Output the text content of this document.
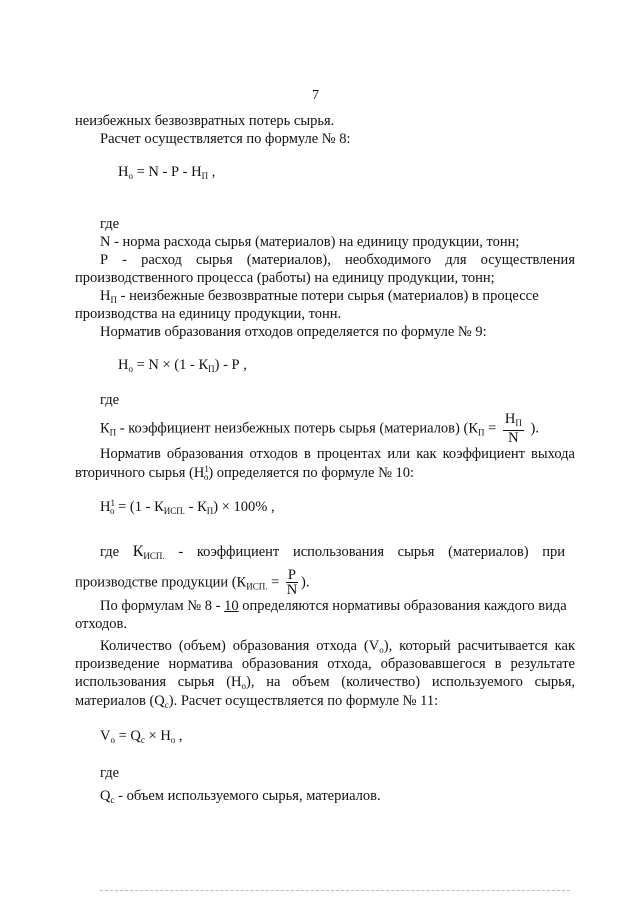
7
неизбежных безвозвратных потерь сырья.
Расчет осуществляется по формуле № 8:
$Н_о = N - Р - Н_П$ ,
где
N - норма расхода сырья (материалов) на единицу продукции, тонн;
Р - расход сырья (материалов), необходимого для осуществления
производственного процесса (работы) на единицу продукции, тонн;
$Н_П$ - неизбежные безвозвратные потери сырья (материалов) в процессе
производства на единицу продукции, тонн.
Норматив образования отходов определяется по формуле № 9:
$Н_о = N \times (1 - К_П) - Р$ ,
где
$К_П$ - коэффициент неизбежных потерь сырья (материалов) ($К_П = \frac{Н_П}{N}$ ).
Норматив образования отходов в процентах или как коэффициент выхода
вторичного сырья $(Н^1_о)$ определяется по формуле № 10:
$Н^1_о = (1 - К_{ИСП.} - К_П) \times 100\%$ ,
где $К_{ИСП.}$ - коэффициент использования сырья (материалов) при
производстве продукции ($К_{ИСП.} = \frac{Р}{N}$ ).
По формулам № 8 - 10 определяются нормативы образования каждого вида
отходов.
Количество (объем) образования отхода $(V_о)$, который расчитывается как
произведение норматива образования отхода, образовавшегося в результате
использования сырья $(Н_о)$, на объем (количество) используемого сырья,
материалов $(Q_с)$. Расчет осуществляется по формуле № 11:
$V_о = Q_с \times Н_о$ ,
где
$Q_с$ - объем используемого сырья, материалов.
